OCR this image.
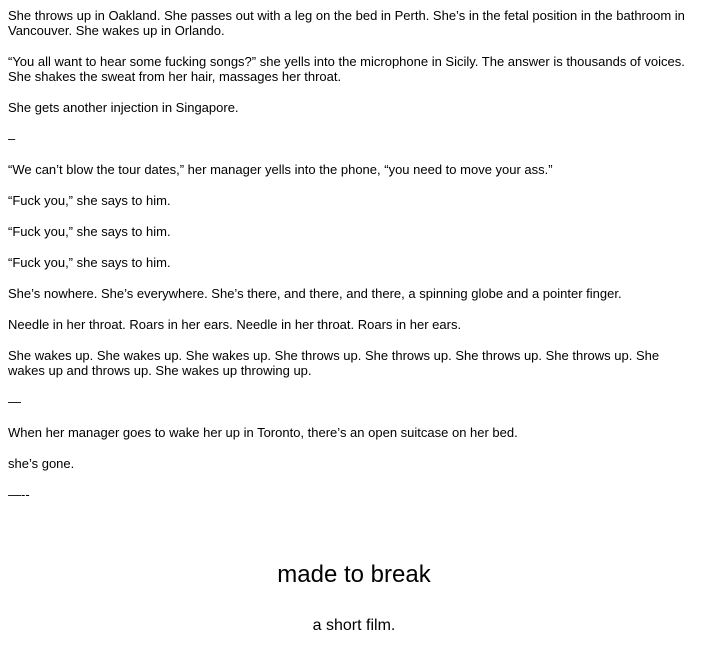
She throws up in Oakland. She passes out with a leg on the bed in Perth. She’s in the fetal position in the bathroom in Vancouver. She wakes up in Orlando.

“You all want to hear some fucking songs?” she yells into the microphone in Sicily. The answer is thousands of voices. She shakes the sweat from her hair, massages her throat.

She gets another injection in Singapore.

–

“We can’t blow the tour dates,” her manager yells into the phone, “you need to move your ass.”

“Fuck you,” she says to him.

“Fuck you,” she says to him.

“Fuck you,” she says to him.

She’s nowhere. She’s everywhere. She’s there, and there, and there, a spinning globe and a pointer finger.

Needle in her throat. Roars in her ears. Needle in her throat. Roars in her ears.

She wakes up. She wakes up. She wakes up. She throws up. She throws up. She throws up. She throws up. She wakes up and throws up. She wakes up throwing up.

—

When her manager goes to wake her up in Toronto, there’s an open suitcase on her bed.

she’s gone.

—--

made to break

a short film.
